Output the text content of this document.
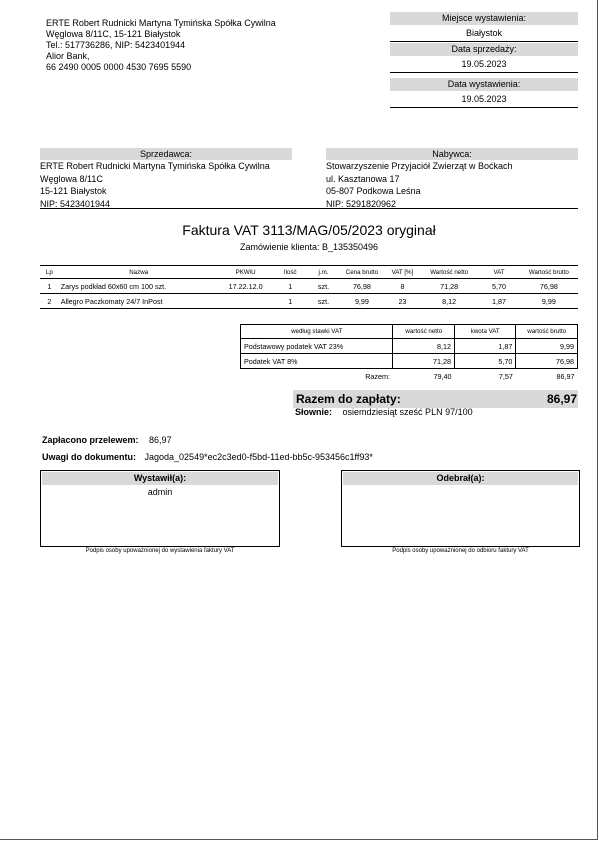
ERTE Robert Rudnicki Martyna Tymińska Spółka Cywilna
Węglowa 8/11C, 15-121 Białystok
Tel.: 517736286, NIP: 5423401944
Alior Bank,
66 2490 0005 0000 4530 7695 5590
Miejsce wystawienia:
Białystok
Data sprzedaży:
19.05.2023
Data wystawienia:
19.05.2023
Sprzedawca:
ERTE Robert Rudnicki Martyna Tymińska Spółka Cywilna
Węglowa 8/11C
15-121 Białystok
NIP: 5423401944
Nabywca:
Stowarzyszenie Przyjaciół Zwierząt w Boćkach
ul. Kasztanowa 17
05-807 Podkowa Leśna
NIP: 5291820962
Faktura VAT 3113/MAG/05/2023 oryginał
Zamówienie klienta: B_135350496
Lp	Nazwa	PKWiU	Ilość	j.m.	Cena brutto	VAT [%]	Wartość netto	VAT	Wartość brutto
1	Zarys podkład 60x60 cm 100 szt.	17.22.12.0	1	szt.	76,98	8	71,28	5,70	76,98
2	Allegro Paczkomaty 24/7 InPost		1	szt.	9,99	23	8,12	1,87	9,99
według stawki VAT	wartość netto	kwota VAT	wartość brutto
Podstawowy podatek VAT 23%	8,12	1,87	9,99
Podatek VAT 8%	71,28	5,70	76,98
Razem:	79,40	7,57	86,97
Razem do zapłaty:	86,97
Słownie: osiemdziesiąt sześć PLN 97/100
Zapłacono przelewem: 86,97
Uwagi do dokumentu: Jagoda_02549*ec2c3ed0-f5bd-11ed-bb5c-953456c1ff93*
Wystawił(a):
admin
Podpis osoby upoważnionej do wystawienia faktury VAT
Odebrał(a):
Podpis osoby upoważnionej do odbioru faktury VAT
